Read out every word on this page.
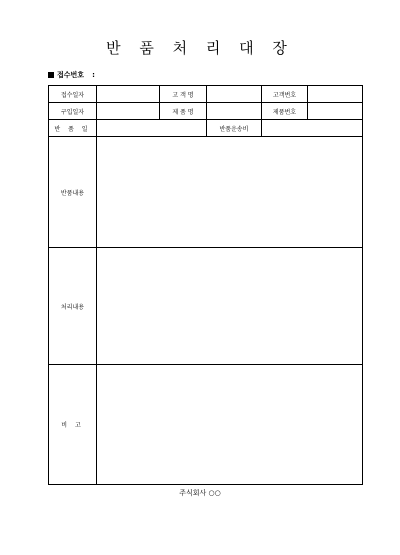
반 품 처 리 대 장
접수번호 :
접수일자		고 객 명		고객번호	
구입일자		제 품 명		제품번호	
반 품 일			반품운송비		
반품내용					
처리내용					
비 고					
주식회사 ○○
